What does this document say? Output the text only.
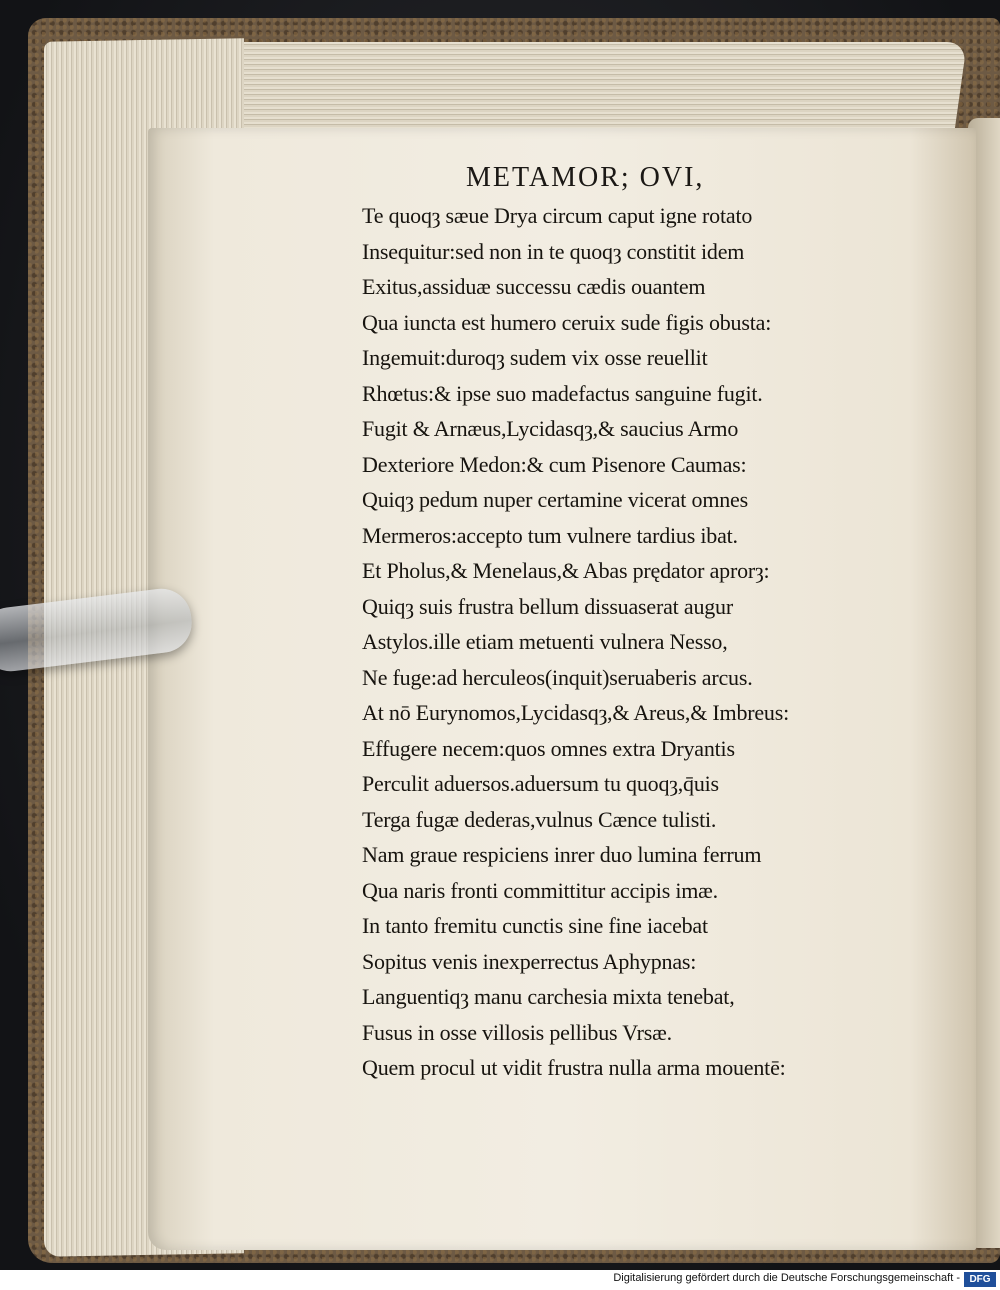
METAMOR; OVI,
Te quoqȝ sæue Drya circum caput igne rotato
Insequitur:sed non in te quoqȝ constitit idem
Exitus,assiduæ successu cædis ouantem
Qua iuncta est humero ceruix sude figis obusta:
Ingemuit:duroqȝ sudem vix osse reuellit
Rhœtus:& ipse suo madefactus sanguine fugit.
Fugit & Arnæus,Lycidasqȝ,& saucius Armo
Dexteriore Medon:& cum Pisenore Caumas:
Quiqȝ pedum nuper certamine vicerat omnes
Mermeros:accepto tum vulnere tardius ibat.
Et Pholus,& Menelaus,& Abas prędator aprorȝ:
Quiqȝ suis frustra bellum dissuaserat augur
Astylos.ille etiam metuenti vulnera Nesso,
Ne fuge:ad herculeos(inquit)seruaberis arcus.
At nō Eurynomos,Lycidasqȝ,& Areus,& Imbreus:
Effugere necem:quos omnes extra Dryantis
Perculit aduersos.aduersum tu quoqȝ,q̄uis
Terga fugæ dederas,vulnus Cænce tulisti.
Nam graue respiciens inrer duo lumina ferrum
Qua naris fronti committitur accipis imæ.
In tanto fremitu cunctis sine fine iacebat
Sopitus venis inexperrectus Aphypnas:
Languentiqȝ manu carchesia mixta tenebat,
Fusus in osse villosis pellibus Vrsæ.
Quem procul ut vidit frustra nulla arma mouentē:
Digitalisierung gefördert durch die Deutsche Forschungsgemeinschaft - DFG
